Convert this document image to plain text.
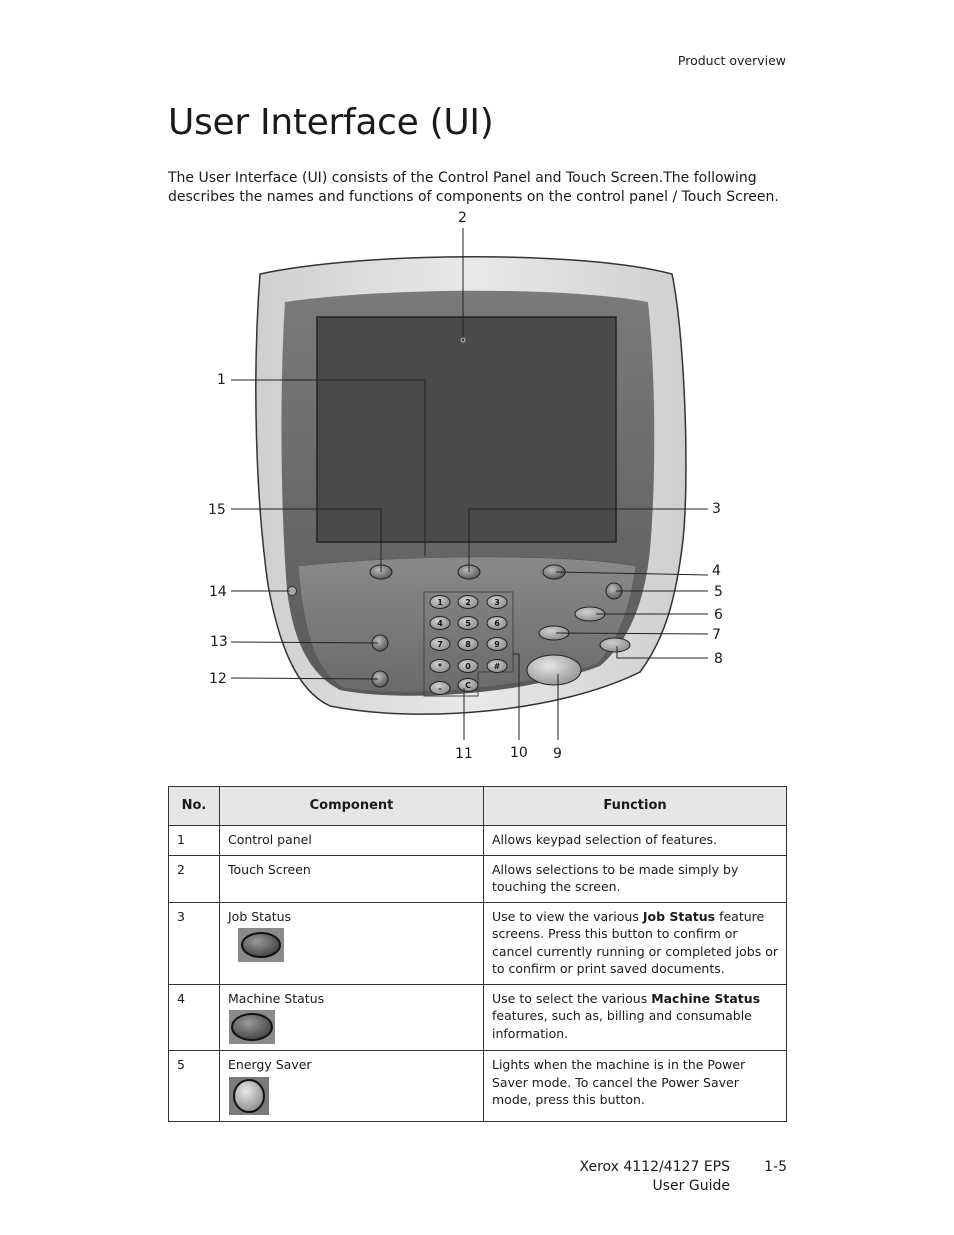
Product overview
User Interface (UI)

The User Interface (UI) consists of the Control Panel and Touch Screen.The following describes the names and functions of components on the control panel / Touch Screen.

1	2	3
4	5	6
7	8	9
*	0	#
–	C
1
2
3
4
5
6
7
8
9
10
11
12
13
14
15
No.	Component	Function
1	Control panel	Allows keypad selection of features.
2	Touch Screen	Allows selections to be made simply by touching the screen.
3	Job Status	Use to view the various Job Status feature screens. Press this button to confirm or cancel currently running or completed jobs or to confirm or print saved documents.
4	Machine Status	Use to select the various Machine Status features, such as, billing and consumable information.
5	Energy Saver	Lights when the machine is in the Power Saver mode. To cancel the Power Saver mode, press this button.
Xerox 4112/4127 EPS
User Guide
1-5
